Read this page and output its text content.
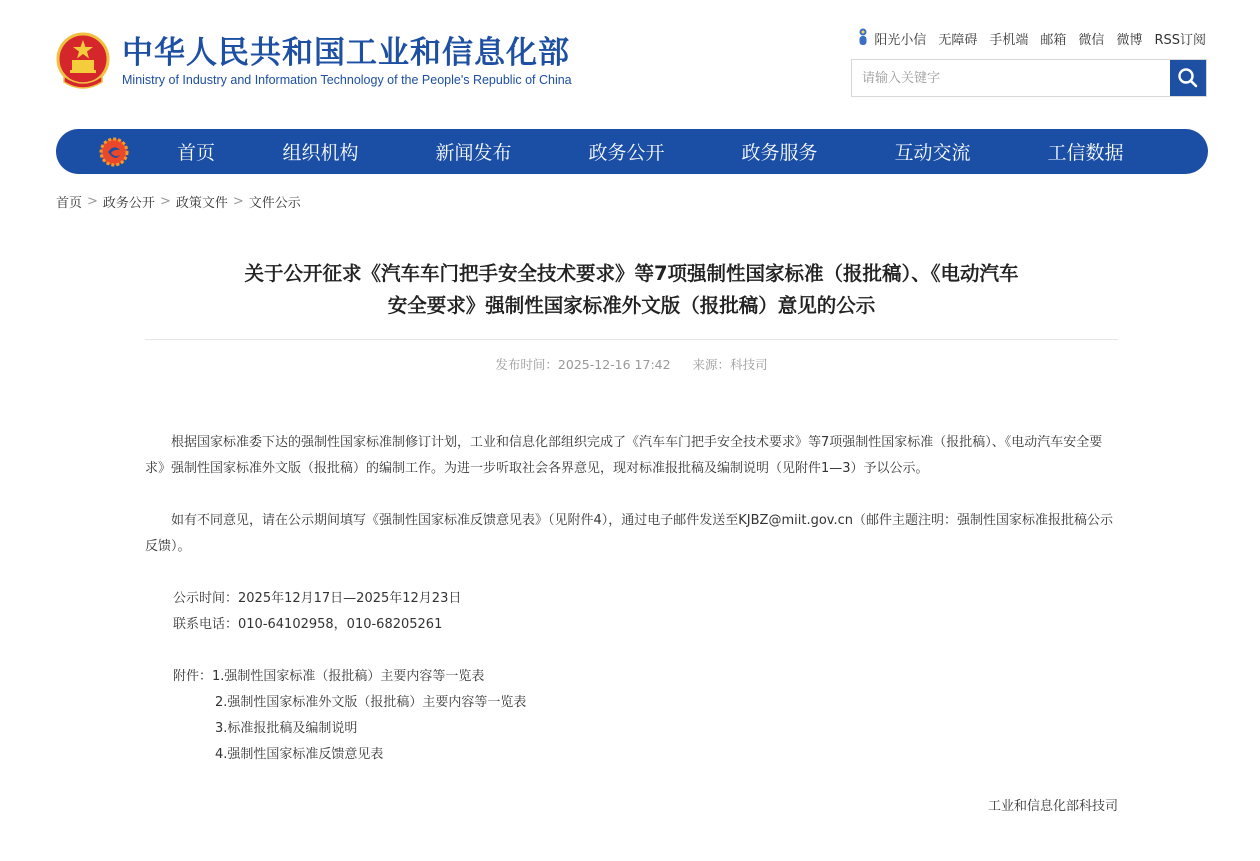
中华人民共和国工业和信息化部
Ministry of Industry and Information Technology of the People's Republic of China
阳光小信 无障碍 手机端 邮箱 微信 微博 RSS订阅
请输入关键字
首页	组织机构	新闻发布	政务公开	政务服务	互动交流	工信数据
首页 > 政务公开 > 政策文件 > 文件公示
关于公开征求《汽车车门把手安全技术要求》等7项强制性国家标准（报批稿）、《电动汽车
安全要求》强制性国家标准外文版（报批稿）意见的公示
发布时间：2025-12-16 17:42 来源：科技司

根据国家标准委下达的强制性国家标准制修订计划，工业和信息化部组织完成了《汽车车门把手安全技术要求》等7项强制性国家标准（报批稿）、《电动汽车安全要求》强制性国家标准外文版（报批稿）的编制工作。为进一步听取社会各界意见，现对标准报批稿及编制说明（见附件1—3）予以公示。

如有不同意见，请在公示期间填写《强制性国家标准反馈意见表》（见附件4），通过电子邮件发送至KJBZ@miit.gov.cn（邮件主题注明：强制性国家标准报批稿公示反馈）。

公示时间：2025年12月17日—2025年12月23日

联系电话：010-64102958，010-68205261

附件：1.强制性国家标准（报批稿）主要内容等一览表

2.强制性国家标准外文版（报批稿）主要内容等一览表

3.标准报批稿及编制说明

4.强制性国家标准反馈意见表

工业和信息化部科技司
